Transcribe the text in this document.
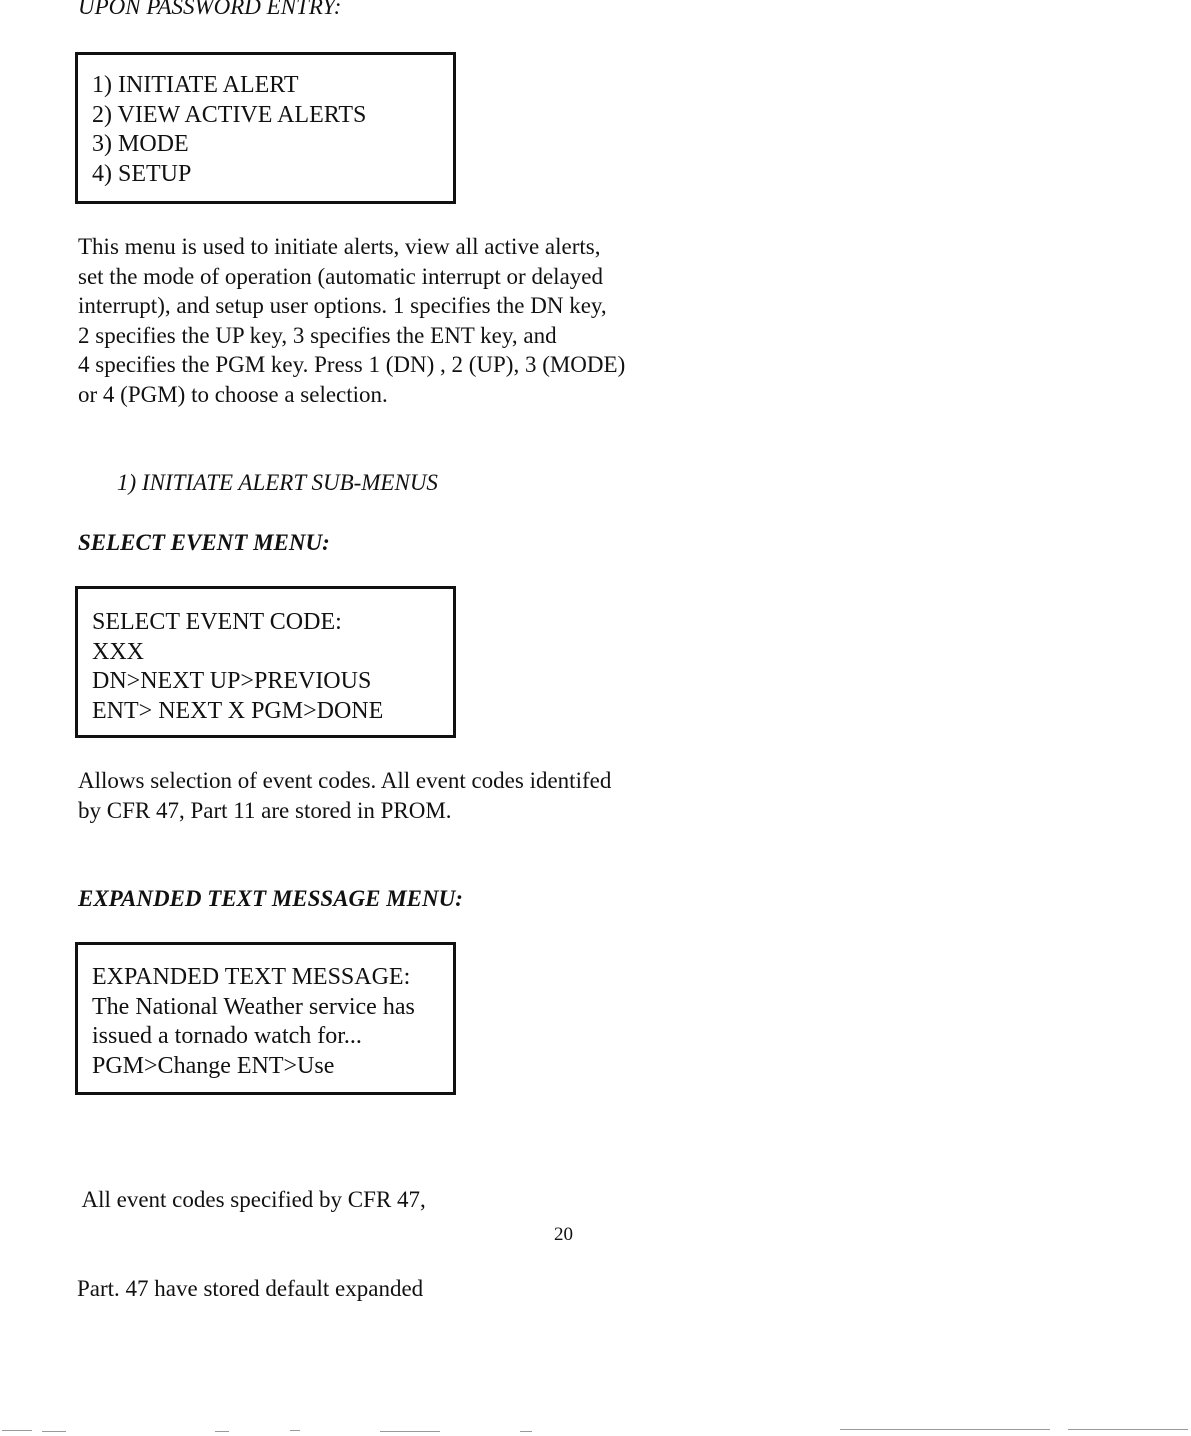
UPON PASSWORD ENTRY:
1) INITIATE ALERT
2) VIEW ACTIVE ALERTS
3) MODE
4) SETUP
This menu is used to initiate alerts, view all active alerts,
set the mode of operation (automatic interrupt or delayed
interrupt), and setup user options. 1 specifies the DN key,
2 specifies the UP key, 3 specifies the ENT key, and
4 specifies the PGM key. Press 1 (DN) , 2 (UP), 3 (MODE)
or 4 (PGM) to choose a selection.
1) INITIATE ALERT SUB-MENUS
SELECT EVENT MENU:
SELECT EVENT CODE:
XXX
DN>NEXT UP>PREVIOUS
ENT> NEXT X PGM>DONE
Allows selection of event codes. All event codes identifed
by CFR 47, Part 11 are stored in PROM.
EXPANDED TEXT MESSAGE MENU:
EXPANDED TEXT MESSAGE:
The National Weather service has
issued a tornado watch for...
PGM>Change ENT>Use

All event codes specified by CFR 47,

Part. 47 have stored default expanded

20
